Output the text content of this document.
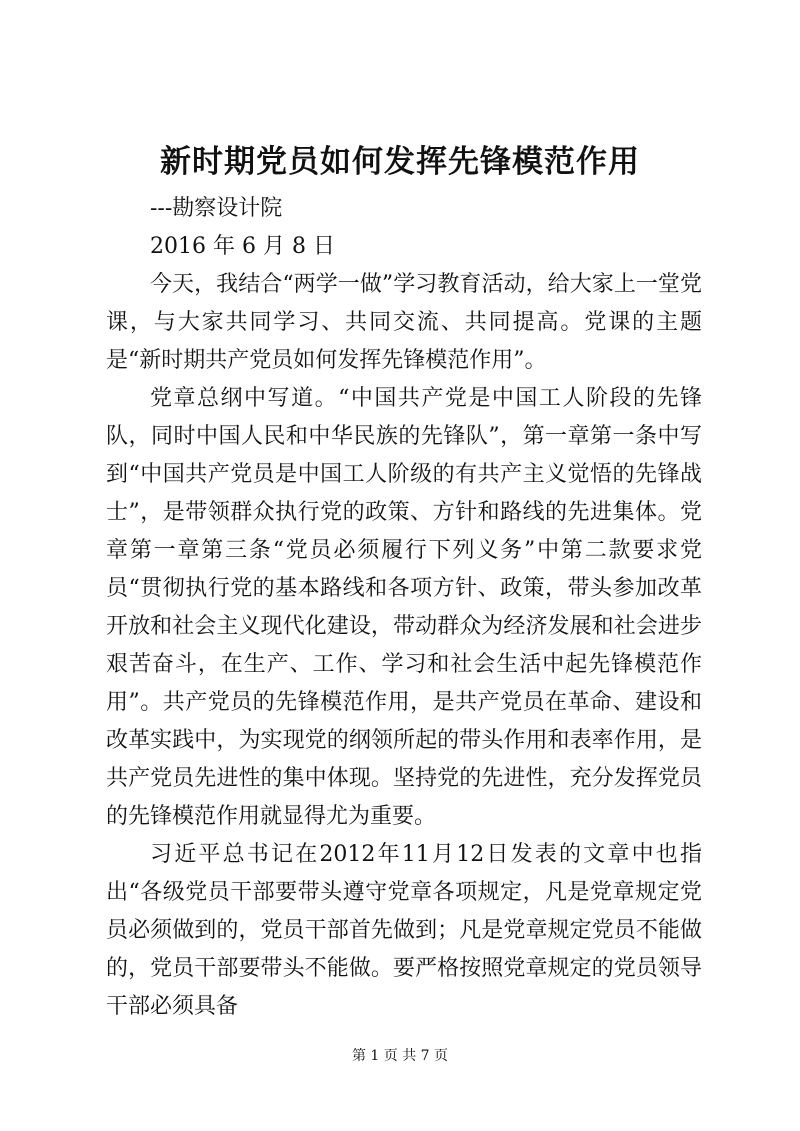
新时期党员如何发挥先锋模范作用

---勘察设计院

2016 年 6 月 8 日

今天，我结合“两学一做”学习教育活动，给大家上一堂党课，与大家共同学习、共同交流、共同提高。党课的主题是“新时期共产党员如何发挥先锋模范作用”。

党章总纲中写道。“中国共产党是中国工人阶段的先锋队，同时中国人民和中华民族的先锋队”，第一章第一条中写到“中国共产党员是中国工人阶级的有共产主义觉悟的先锋战士”，是带领群众执行党的政策、方针和路线的先进集体。党章第一章第三条“党员必须履行下列义务”中第二款要求党员“贯彻执行党的基本路线和各项方针、政策，带头参加改革开放和社会主义现代化建设，带动群众为经济发展和社会进步艰苦奋斗，在生产、工作、学习和社会生活中起先锋模范作用”。共产党员的先锋模范作用，是共产党员在革命、建设和改革实践中，为实现党的纲领所起的带头作用和表率作用，是共产党员先进性的集中体现。坚持党的先进性，充分发挥党员的先锋模范作用就显得尤为重要。

习近平总书记在2012年11月12日发表的文章中也指出“各级党员干部要带头遵守党章各项规定，凡是党章规定党员必须做到的，党员干部首先做到；凡是党章规定党员不能做的，党员干部要带头不能做。要严格按照党章规定的党员领导干部必须具备

第 1 页 共 7 页
